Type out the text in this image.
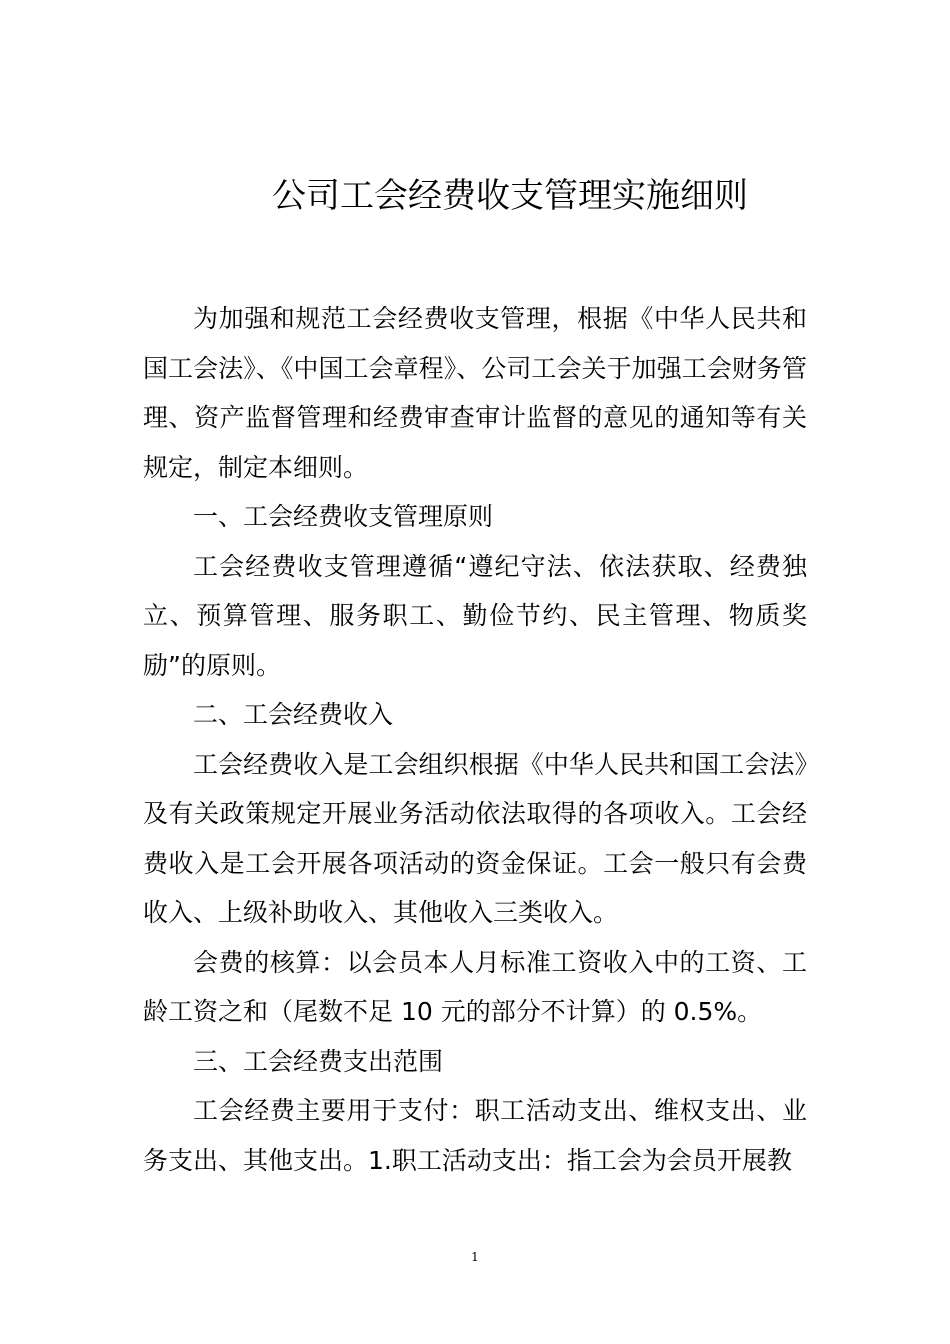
公司工会经费收支管理实施细则

为加强和规范工会经费收支管理，根据《中华人民共和国工会法》、《中国工会章程》、公司工会关于加强工会财务管理、资产监督管理和经费审查审计监督的意见的通知等有关规定，制定本细则。

一、工会经费收支管理原则

工会经费收支管理遵循“遵纪守法、依法获取、经费独立、预算管理、服务职工、勤俭节约、民主管理、物质奖励”的原则。

二、工会经费收入

工会经费收入是工会组织根据《中华人民共和国工会法》及有关政策规定开展业务活动依法取得的各项收入。工会经费收入是工会开展各项活动的资金保证。工会一般只有会费收入、上级补助收入、其他收入三类收入。

会费的核算：以会员本人月标准工资收入中的工资、工龄工资之和（尾数不足 10 元的部分不计算）的 0.5%。

三、工会经费支出范围

工会经费主要用于支付：职工活动支出、维权支出、业务支出、其他支出。1.职工活动支出：指工会为会员开展教

1
